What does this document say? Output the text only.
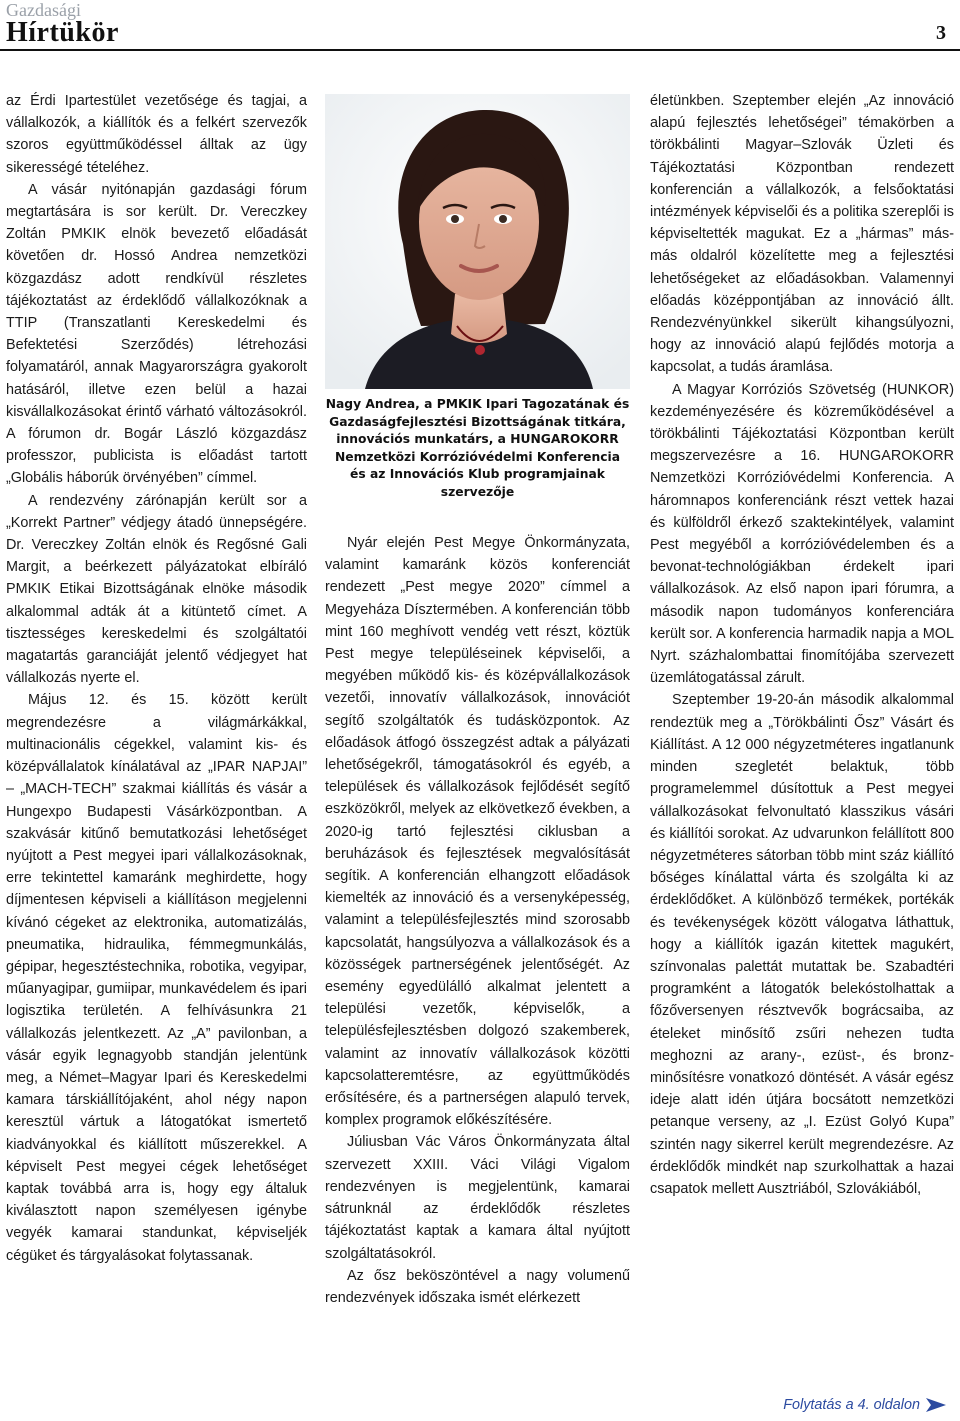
Gazdasági
Hírtükör	3

az Érdi Ipartestület vezetősége és tagjai, a vállalkozók, a kiállítók és a felkért szervezők szoros együttműködéssel álltak az ügy sikerességé tételéhez.

A vásár nyitónapján gazdasági fórum megtartására is sor került. Dr. Vereczkey Zoltán PMKIK elnök bevezető előadását követően dr. Hossó Andrea nemzetközi közgazdász adott rendkívül részletes tájékoztatást az érdeklődő vállalkozóknak a TTIP (Transzatlanti Kereskedelmi és Befektetési Szerződés) létrehozási folyamatáról, annak Magyarországra gyakorolt hatásáról, illetve ezen belül a hazai kisvállalkozásokat érintő várható változásokról. A fórumon dr. Bogár László közgazdász professzor, publicista is előadást tartott „Globális háborúk örvényében” címmel.

A rendezvény zárónapján került sor a „Korrekt Partner” védjegy átadó ünnepségére. Dr. Vereczkey Zoltán elnök és Regősné Gali Margit, a beérkezett pályázatokat elbíráló PMKIK Etikai Bizottságának elnöke második alkalommal adták át a kitüntető címet. A tisztességes kereskedelmi és szolgáltatói magatartás garanciáját jelentő védjegyet hat vállalkozás nyerte el.

Május 12. és 15. között került megrendezésre a világmárkákkal, multinacionális cégekkel, valamint kis- és középvállalatok kínálatával az „IPAR NAPJAI” – „MACH-TECH” szakmai kiállítás és vásár a Hungexpo Budapesti Vásárközpontban. A szakvásár kitűnő bemutatkozási lehetőséget nyújtott a Pest megyei ipari vállalkozásoknak, erre tekintettel kamaránk meghirdette, hogy díjmentesen képviseli a kiállításon megjelenni kívánó cégeket az elektronika, automatizálás, pneumatika, hidraulika, fémmegmunkálás, gépipar, hegesztéstechnika, robotika, vegyipar, műanyagipar, gumiipar, munkavédelem és ipari logisztika területén. A felhívásunkra 21 vállalkozás jelentkezett. Az „A” pavilonban, a vásár egyik legnagyobb standján jelentünk meg, a Német–Magyar Ipari és Kereskedelmi kamara társkiállítójaként, ahol négy napon keresztül vártuk a látogatókat ismertető kiadványokkal és kiállított műszerekkel. A képviselt Pest megyei cégek lehetőséget kaptak továbbá arra is, hogy egy általuk kiválasztott napon személyesen igénybe vegyék kamarai standunkat, képviseljék cégüket és tárgyalásokat folytassanak.

Nagy Andrea, a PMKIK Ipari Tagozatának és Gazdaságfejlesztési Bizottságának titkára, innovációs munkatárs, a HUNGAROKORR Nemzetközi Korrózióvédelmi Konferencia és az Innovációs Klub programjainak szervezője

Nyár elején Pest Megye Önkormányzata, valamint kamaránk közös konferenciát rendezett „Pest megye 2020” címmel a Megyeháza Dísztermében. A konferencián több mint 160 meghívott vendég vett részt, köztük Pest megye településeinek képviselői, a megyében működő kis- és középvállalkozások vezetői, innovatív vállalkozások, innovációt segítő szolgáltatók és tudásközpontok. Az előadások átfogó összegzést adtak a pályázati lehetőségekről, támogatásokról és egyéb, a települések és vállalkozások fejlődését segítő eszközökről, melyek az elkövetkező években, a 2020-ig tartó fejlesztési ciklusban a beruházások és fejlesztések megvalósítását segítik. A konferencián elhangzott előadások kiemelték az innováció és a versenyképesség, valamint a településfejlesztés mind szorosabb kapcsolatát, hangsúlyozva a vállalkozások és a közösségek partnerségének jelentőségét. Az esemény egyedülálló alkalmat jelentett a települési vezetők, képviselők, a településfejlesztésben dolgozó szakemberek, valamint az innovatív vállalkozások közötti kapcsolatteremtésre, az együttműködés erősítésére, és a partnerségen alapuló tervek, komplex programok előkészítésére.

Júliusban Vác Város Önkormányzata által szervezett XXIII. Váci Világi Vigalom rendezvényen is megjelentünk, kamarai sátrunknál az érdeklődők részletes tájékoztatást kaptak a kamara által nyújtott szolgáltatásokról.

Az ősz beköszöntével a nagy volumenű rendezvények időszaka ismét elérkezett

életünkben. Szeptember elején „Az innováció alapú fejlesztés lehetőségei” témakörben a törökbálinti Magyar–Szlovák Üzleti és Tájékoztatási Központban rendezett konferencián a vállalkozók, a felsőoktatási intézmények képviselői és a politika szereplői is képviseltették magukat. Ez a „hármas” más-más oldalról közelítette meg a fejlesztési lehetőségeket az előadásokban. Valamennyi előadás középpontjában az innováció állt. Rendezvényünkkel sikerült kihangsúlyozni, hogy az innováció alapú fejlődés motorja a kapcsolat, a tudás áramlása.

A Magyar Korróziós Szövetség (HUNKOR) kezdeményezésére és közreműködésével a törökbálinti Tájékoztatási Központban került megszervezésre a 16. HUNGAROKORR Nemzetközi Korrózióvédelmi Konferencia. A háromnapos konferenciánk részt vettek hazai és külföldről érkező szaktekintélyek, valamint Pest megyéből a korrózióvédelemben és a bevonat-technológiákban érdekelt ipari vállalkozások. Az első napon ipari fórumra, a második napon tudományos konferenciára került sor. A konferencia harmadik napja a MOL Nyrt. százhalombattai finomítójába szervezett üzemlátogatással zárult.

Szeptember 19-20-án második alkalommal rendeztük meg a „Törökbálinti Ősz” Vásárt és Kiállítást. A 12 000 négyzetméteres ingatlanunk minden szegletét belaktuk, több programelemmel dúsítottuk a Pest megyei vállalkozásokat felvonultató klasszikus vásári és kiállítói sorokat. Az udvarunkon felállított 800 négyzetméteres sátorban több mint száz kiállító bőséges kínálattal várta és szolgálta ki az érdeklődőket. A különböző termékek, portékák és tevékenységek között válogatva láthattuk, hogy a kiállítók igazán kitettek magukért, színvonalas palettát mutattak be. Szabadtéri programként a látogatók belekóstolhattak a főzőversenyen résztvevők bográcsaiba, az ételeket minősítő zsűri nehezen tudta meghozni az arany-, ezüst-, és bronz-minősítésre vonatkozó döntését. A vásár egész ideje alatt idén útjára bocsátott nemzetközi petanque verseny, az „I. Ezüst Golyó Kupa” szintén nagy sikerrel került megrendezésre. Az érdeklődők mindkét nap szurkolhattak a hazai csapatok mellett Ausztriából, Szlovákiából,

Folytatás a 4. oldalon
